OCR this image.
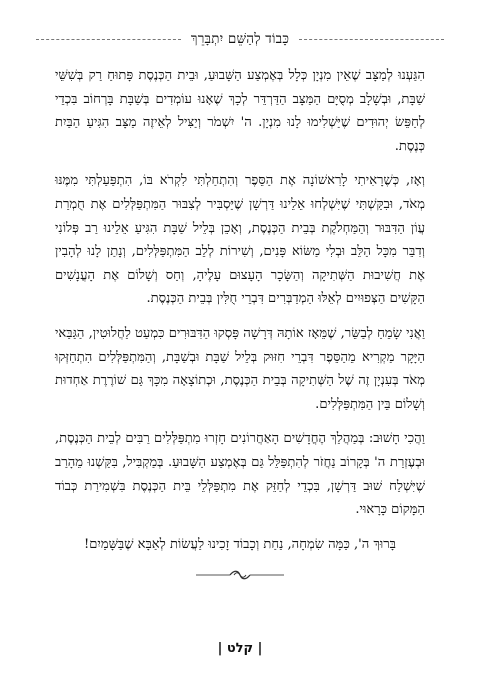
כָּבוֹד לְהַשֵּׁם יִתְבָּרֵךְ

הִגַּעְנוּ לְמַצָּב שֶׁאֵין מִנְיָן כְּלָל בְּאֶמְצַע הַשָּׁבוּעַ, וּבֵית הַכְּנֶסֶת פָּתוּחַ רַק בְּשִׁשֵּׁי שַׁבָּת, וּבְשָׁלָב מְסֻיָּם הַמַּצָּב הַדַּרְדֵּר לְכָךְ שֶׁאָנוּ עוֹמְדִים בְּשַׁבָּת בָּרְחוֹב בִּכְדֵי לְחַפֵּשׂ יְהוּדִים שֶׁיַּשְׁלִימוּ לָנוּ מִנְיָן. ה' יִשְׁמֹר וְיַצִּיל לְאֵיזֶה מַצָּב הִגִּיעַ הַבַּיִת כְּנֶסֶת.

וְאָז, כְּשֶׁרָאִיתִי לָרִאשׁוֹנָה אֶת הַסֵּפֶר וְהִתְחַלְתִּי לִקְרֹא בּוֹ, הִתְפַּעַלְתִּי מִמֶּנּוּ מְאֹד, וּבִקַּשְׁתִּי שֶׁיִּשְׁלְחוּ אֵלֵינוּ דַּרְשָׁן שֶׁיַּסְבִּיר לְצִבּוּר הַמִּתְפַּלְּלִים אֶת חֻמְרַת עֲוֹן הַדִּבּוּר וְהַמַּחְלֹקֶת בְּבֵית הַכְּנֶסֶת, וְאָכֵן בְּלֵיל שַׁבָּת הִגִּיעַ אֵלֵינוּ רַב פְּלוֹנִי וְדִבֵּר מִכָּל הַלֵּב וּבְלִי מַשּׂוֹא פָּנִים, וְשִׁירוֹת לְלֵב הַמִּתְפַּלְּלִים, וְנָתַן לָנוּ לְהָבִין אֶת חֲשִׁיבוּת הַשְּׁתִיקָה וְהַשָּׂכָר הָעָצוּם עָלֶיהָ, וְחַס וְשָׁלוֹם אֶת הָעֳנָשִׁים הַקָּשִׁים הַצְּפוּיִים לְאֵלּוּ הַמְדַבְּרִים דִּבְרֵי חֻלִּין בְּבֵית הַכְּנֶסֶת.

וַאֲנִי שָׂמֵחַ לְבַשֵּׂר, שֶׁמֵּאָז אוֹתָהּ דְּרָשָׁה פָּסְקוּ הַדִּבּוּרִים כִּמְעַט לַחֲלוּטִין, הַגַּבַּאי הַיָּקָר מַקְרִיא מֵהַסֵּפֶר דִּבְרֵי חִזּוּק בְּלֵיל שַׁבָּת וּבְשַׁבָּת, וְהַמִּתְפַּלְּלִים הִתְחַזְּקוּ מְאֹד בְּעִנְיָן זֶה שֶׁל הַשְּׁתִיקָה בְּבֵית הַכְּנֶסֶת, וּכְתוֹצָאָה מִכָּךְ גַּם שׁוֹרֶרֶת אַחְדוּת וְשָׁלוֹם בֵּין הַמִּתְפַּלְּלִים.

וַהֲכִי חָשׁוּב: בְּמַהֲלַךְ הֶחֳדָשִׁים הָאַחֲרוֹנִים חָזְרוּ מִתְפַּלְּלִים רַבִּים לְבֵית הַכְּנֶסֶת, וּבְעֶזְרַת ה' בְּקָרוֹב נַחֲזֹר לְהִתְפַּלֵּל גַּם בְּאֶמְצַע הַשָּׁבוּעַ. בְּמַקְבִּיל, בִּקַּשְׁנוּ מֵהָרַב שֶׁיִּשְׁלַח שׁוּב דַּרְשָׁן, בִּכְדֵי לְחַזֵּק אֶת מִתְפַּלְּלֵי בֵּית הַכְּנֶסֶת בִּשְׁמִירַת כְּבוֹד הַמָּקוֹם כָּרָאוּי.

בָּרוּךְ ה', כַּמָּה שִׂמְחָה, נַחַת וְכָבוֹד זָכִינוּ לַעֲשׂוֹת לְאַבָּא שֶׁבַּשָּׁמַיִם!

| קלט |
